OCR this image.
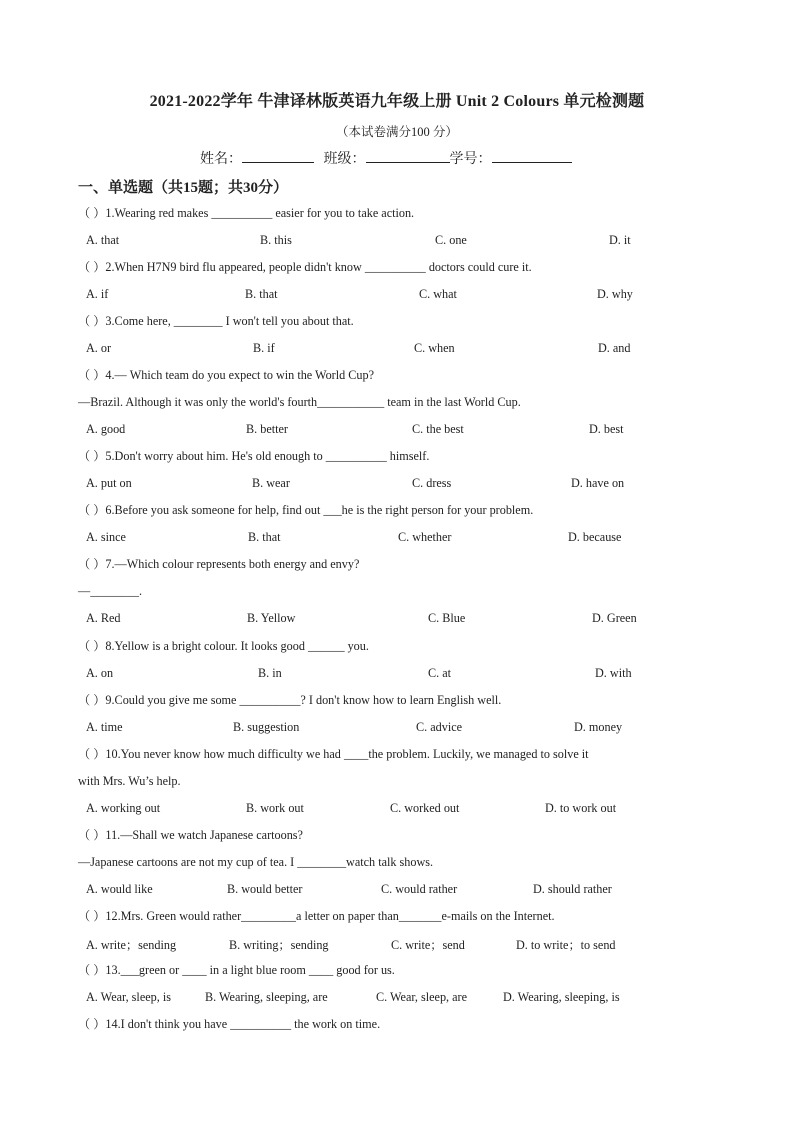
2021-2022学年 牛津译林版英语九年级上册 Unit 2 Colours 单元检测题
（本试卷满分100 分）
姓名：	班级：	学号：
一、单选题（共15题；共30分）
（ ）1.Wearing red makes __________ easier for you to take action.
A. that	B. this	C. one	D. it
（ ）2.When H7N9 bird flu appeared, people didn't know __________ doctors could cure it.
A. if	B. that	C. what	D. why
（ ）3.Come here, ________ I won't tell you about that.
A. or	B. if	C. when	D. and
（ ）4.— Which team do you expect to win the World Cup?
—Brazil. Although it was only the world's fourth___________ team in the last World Cup.
A. good	B. better	C. the best	D. best
（ ）5.Don't worry about him. He's old enough to __________ himself.
A. put on	B. wear	C. dress	D. have on
（ ）6.Before you ask someone for help, find out ___he is the right person for your problem.
A. since	B. that	C. whether	D. because
（ ）7.—Which colour represents both energy and envy?
—________.
A. Red	B. Yellow	C. Blue	D. Green
（ ）8.Yellow is a bright colour. It looks good ______ you.
A. on	B. in	C. at	D. with
（ ）9.Could you give me some __________? I don't know how to learn English well.
A. time	B. suggestion	C. advice	D. money
（ ）10.You never know how much difficulty we had ____the problem. Luckily, we managed to solve it
with Mrs. Wu’s help.
A. working out	B. work out	C. worked out	D. to work out
（ ）11.—Shall we watch Japanese cartoons?
—Japanese cartoons are not my cup of tea. I ________watch talk shows.
A. would like	B. would better	C. would rather	D. should rather
（ ）12.Mrs. Green would rather_________a letter on paper than_______e-mails on the Internet.
A. write；sending	B. writing；sending	C. write；send	D. to write；to send
（ ）13.___green or ____ in a light blue room ____ good for us.
A. Wear, sleep, is	B. Wearing, sleeping, are	C. Wear, sleep, are	D. Wearing, sleeping, is
（ ）14.I don't think you have __________ the work on time.
